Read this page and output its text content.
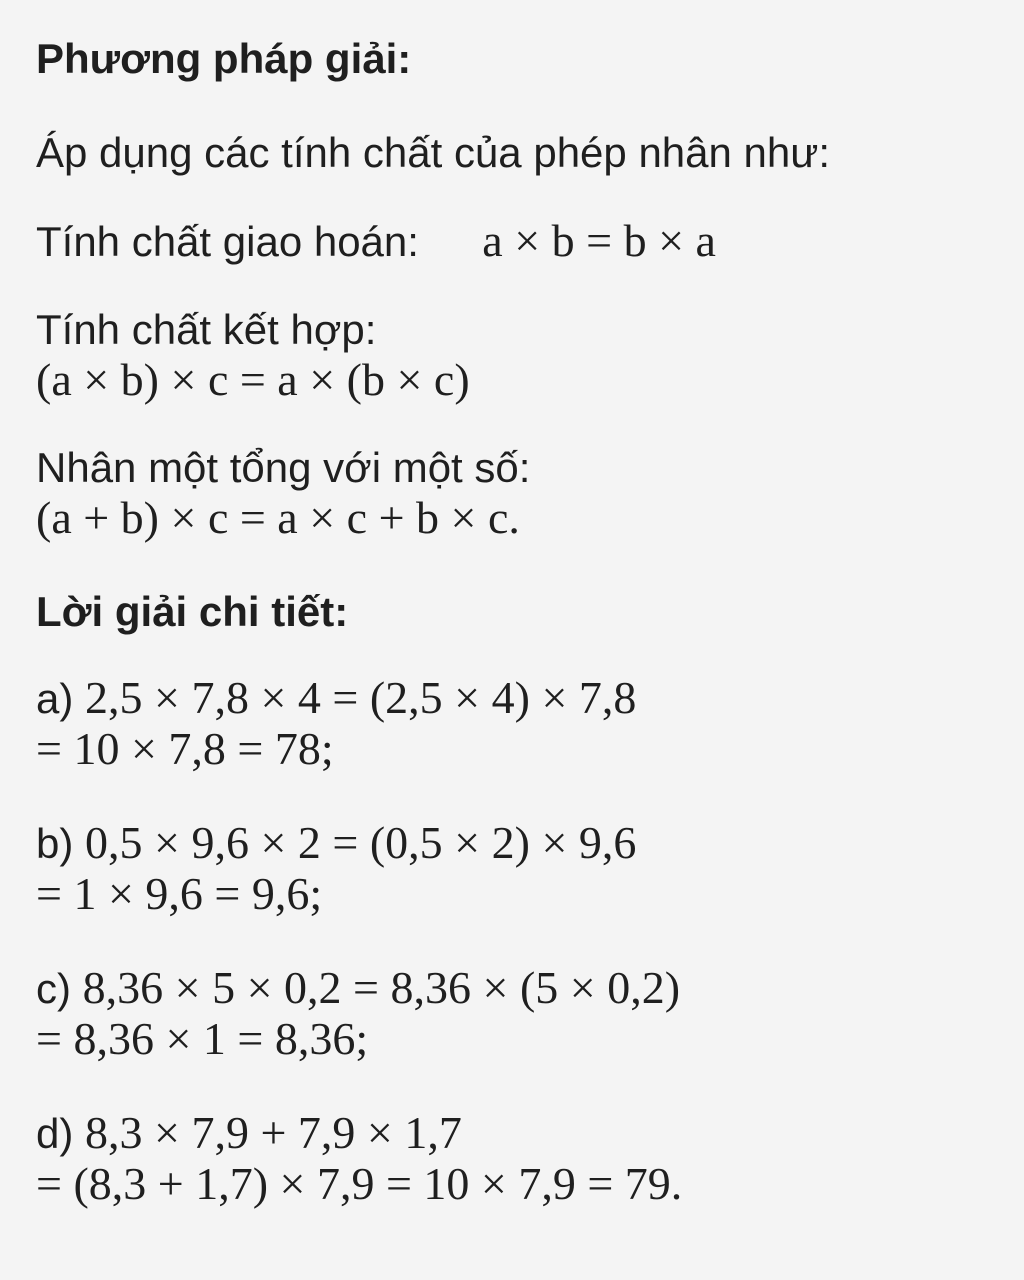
Phương pháp giải:
Áp dụng các tính chất của phép nhân như:
Tính chất giao hoán: a × b = b × a
Tính chất kết hợp:
(a × b) × c = a × (b × c)
Nhân một tổng với một số:
(a + b) × c = a × c + b × c.
Lời giải chi tiết:
a) 2,5 × 7,8 × 4 = (2,5 × 4) × 7,8
= 10 × 7,8 = 78;
b) 0,5 × 9,6 × 2 = (0,5 × 2) × 9,6
= 1 × 9,6 = 9,6;
c) 8,36 × 5 × 0,2 = 8,36 × (5 × 0,2)
= 8,36 × 1 = 8,36;
d) 8,3 × 7,9 + 7,9 × 1,7
= (8,3 + 1,7) × 7,9 = 10 × 7,9 = 79.
